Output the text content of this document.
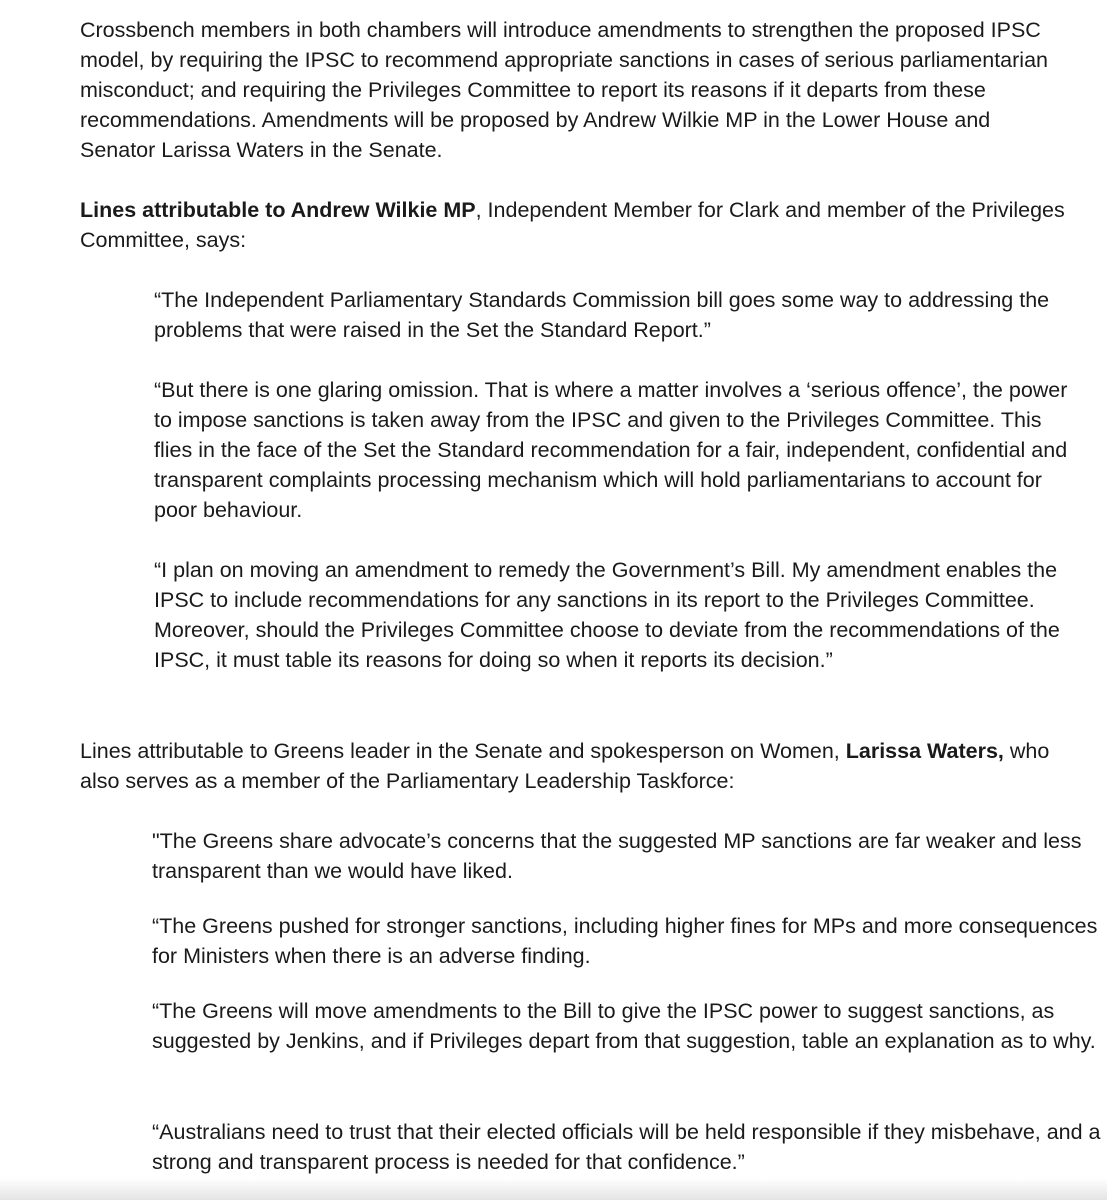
Crossbench members in both chambers will introduce amendments to strengthen the proposed IPSC model, by requiring the IPSC to recommend appropriate sanctions in cases of serious parliamentarian misconduct; and requiring the Privileges Committee to report its reasons if it departs from these recommendations. Amendments will be proposed by Andrew Wilkie MP in the Lower House and Senator Larissa Waters in the Senate.

Lines attributable to Andrew Wilkie MP, Independent Member for Clark and member of the Privileges Committee, says:

“The Independent Parliamentary Standards Commission bill goes some way to addressing the problems that were raised in the Set the Standard Report.”

“But there is one glaring omission. That is where a matter involves a ‘serious offence’, the power to impose sanctions is taken away from the IPSC and given to the Privileges Committee. This flies in the face of the Set the Standard recommendation for a fair, independent, confidential and transparent complaints processing mechanism which will hold parliamentarians to account for poor behaviour.

“I plan on moving an amendment to remedy the Government’s Bill. My amendment enables the IPSC to include recommendations for any sanctions in its report to the Privileges Committee. Moreover, should the Privileges Committee choose to deviate from the recommendations of the IPSC, it must table its reasons for doing so when it reports its decision.”

Lines attributable to Greens leader in the Senate and spokesperson on Women, Larissa Waters, who also serves as a member of the Parliamentary Leadership Taskforce:

"The Greens share advocate’s concerns that the suggested MP sanctions are far weaker and less transparent than we would have liked.

“The Greens pushed for stronger sanctions, including higher fines for MPs and more consequences for Ministers when there is an adverse finding.

“The Greens will move amendments to the Bill to give the IPSC power to suggest sanctions, as suggested by Jenkins, and if Privileges depart from that suggestion, table an explanation as to why.

“Australians need to trust that their elected officials will be held responsible if they misbehave, and a strong and transparent process is needed for that confidence.”
